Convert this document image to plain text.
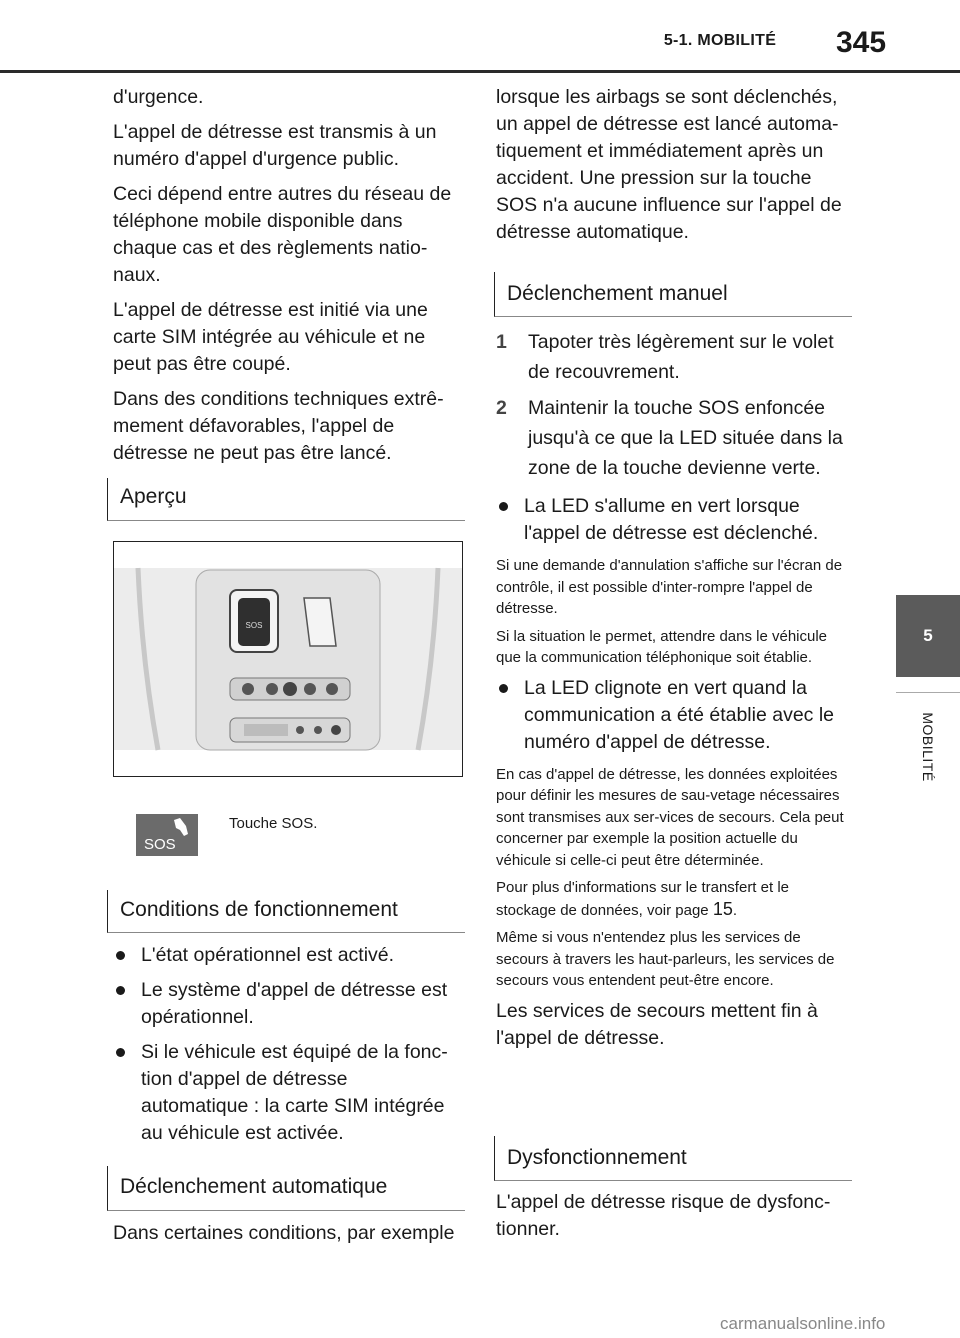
5-1. MOBILITÉ	345
5
MOBILITÉ

d'urgence.

L'appel de détresse est transmis à un numéro d'appel d'urgence public.

Ceci dépend entre autres du réseau de téléphone mobile disponible dans chaque cas et des règlements natio-naux.

L'appel de détresse est initié via une carte SIM intégrée au véhicule et ne peut pas être coupé.

Dans des conditions techniques extrê-mement défavorables, l'appel de détresse ne peut pas être lancé.

Aperçu
SOS
SOS
Touche SOS.
Conditions de fonctionnement
L'état opérationnel est activé.
Le système d'appel de détresse est opérationnel.
Si le véhicule est équipé de la fonc-tion d'appel de détresse automatique : la carte SIM intégrée au véhicule est activée.
Déclenchement automatique
Dans certaines conditions, par exemple

lorsque les airbags se sont déclenchés, un appel de détresse est lancé automa-tiquement et immédiatement après un accident. Une pression sur la touche SOS n'a aucune influence sur l'appel de détresse automatique.

Déclenchement manuel
1 Tapoter très légèrement sur le volet de recouvrement.
2 Maintenir la touche SOS enfoncée jusqu'à ce que la LED située dans la zone de la touche devienne verte.
La LED s'allume en vert lorsque l'appel de détresse est déclenché.

Si une demande d'annulation s'affiche sur l'écran de contrôle, il est possible d'inter-rompre l'appel de détresse.

Si la situation le permet, attendre dans le véhicule que la communication téléphonique soit établie.

La LED clignote en vert quand la communication a été établie avec le numéro d'appel de détresse.

En cas d'appel de détresse, les données exploitées pour définir les mesures de sau-vetage nécessaires sont transmises aux ser-vices de secours. Cela peut concerner par exemple la position actuelle du véhicule si celle-ci peut être déterminée.

Pour plus d'informations sur le transfert et le stockage de données, voir page 15.

Même si vous n'entendez plus les services de secours à travers les haut-parleurs, les services de secours vous entendent peut-être encore.

Les services de secours mettent fin à l'appel de détresse.

Dysfonctionnement
L'appel de détresse risque de dysfonc-tionner.
carmanualsonline.info
